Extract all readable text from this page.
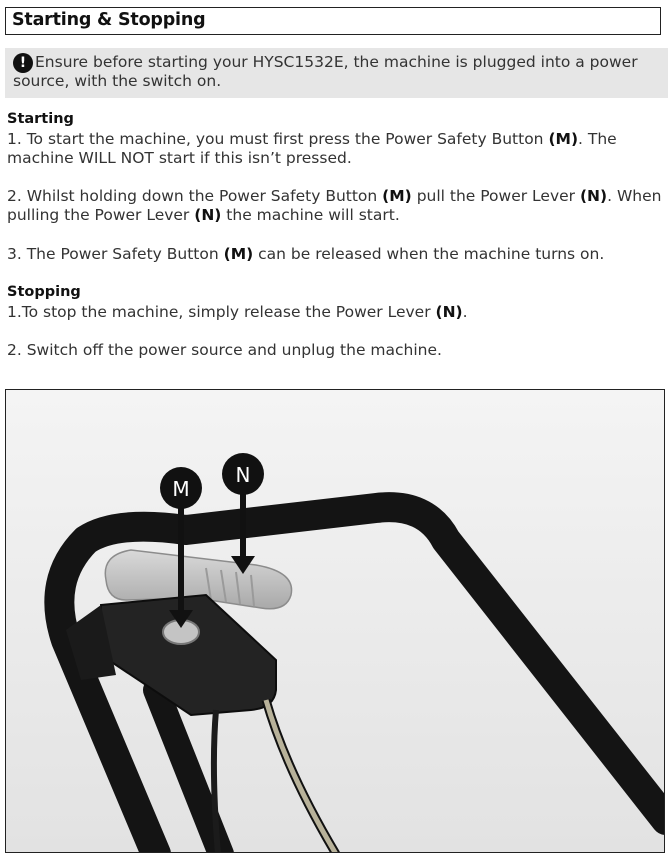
Starting & Stopping
! Ensure before starting your HYSC1532E, the machine is plugged into a power source, with the switch on.
Starting
1. To start the machine, you must first press the Power Safety Button (M). The machine WILL NOT start if this isn’t pressed.
2. Whilst holding down the Power Safety Button (M) pull the Power Lever (N). When pulling the Power Lever (N) the machine will start.
3. The Power Safety Button (M) can be released when the machine turns on.
Stopping
1.To stop the machine, simply release the Power Lever (N).
2. Switch off the power source and unplug the machine.
M
N
